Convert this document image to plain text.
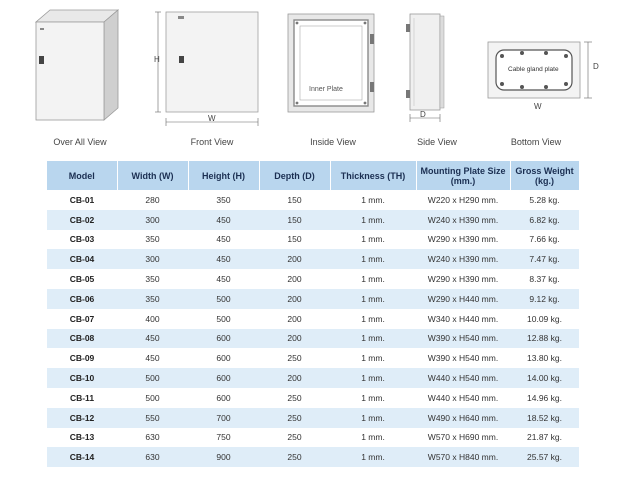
Over All View
H
W
Front View
Inner Plate
Inside View
D
Side View
Cable gland plate	D
W
Bottom View
Model	Width (W)	Height (H)	Depth (D)	Thickness (TH)	Mounting Plate Size (mm.)	Gross Weight (kg.)
CB-01	280	350	150	1 mm.	W220 x H290 mm.	5.28 kg.
CB-02	300	450	150	1 mm.	W240 x H390 mm.	6.82 kg.
CB-03	350	450	150	1 mm.	W290 x H390 mm.	7.66 kg.
CB-04	300	450	200	1 mm.	W240 x H390 mm.	7.47 kg.
CB-05	350	450	200	1 mm.	W290 x H390 mm.	8.37 kg.
CB-06	350	500	200	1 mm.	W290 x H440 mm.	9.12 kg.
CB-07	400	500	200	1 mm.	W340 x H440 mm.	10.09 kg.
CB-08	450	600	200	1 mm.	W390 x H540 mm.	12.88 kg.
CB-09	450	600	250	1 mm.	W390 x H540 mm.	13.80 kg.
CB-10	500	600	200	1 mm.	W440 x H540 mm.	14.00 kg.
CB-11	500	600	250	1 mm.	W440 x H540 mm.	14.96 kg.
CB-12	550	700	250	1 mm.	W490 x H640 mm.	18.52 kg.
CB-13	630	750	250	1 mm.	W570 x H690 mm.	21.87 kg.
CB-14	630	900	250	1 mm.	W570 x H840 mm.	25.57 kg.
